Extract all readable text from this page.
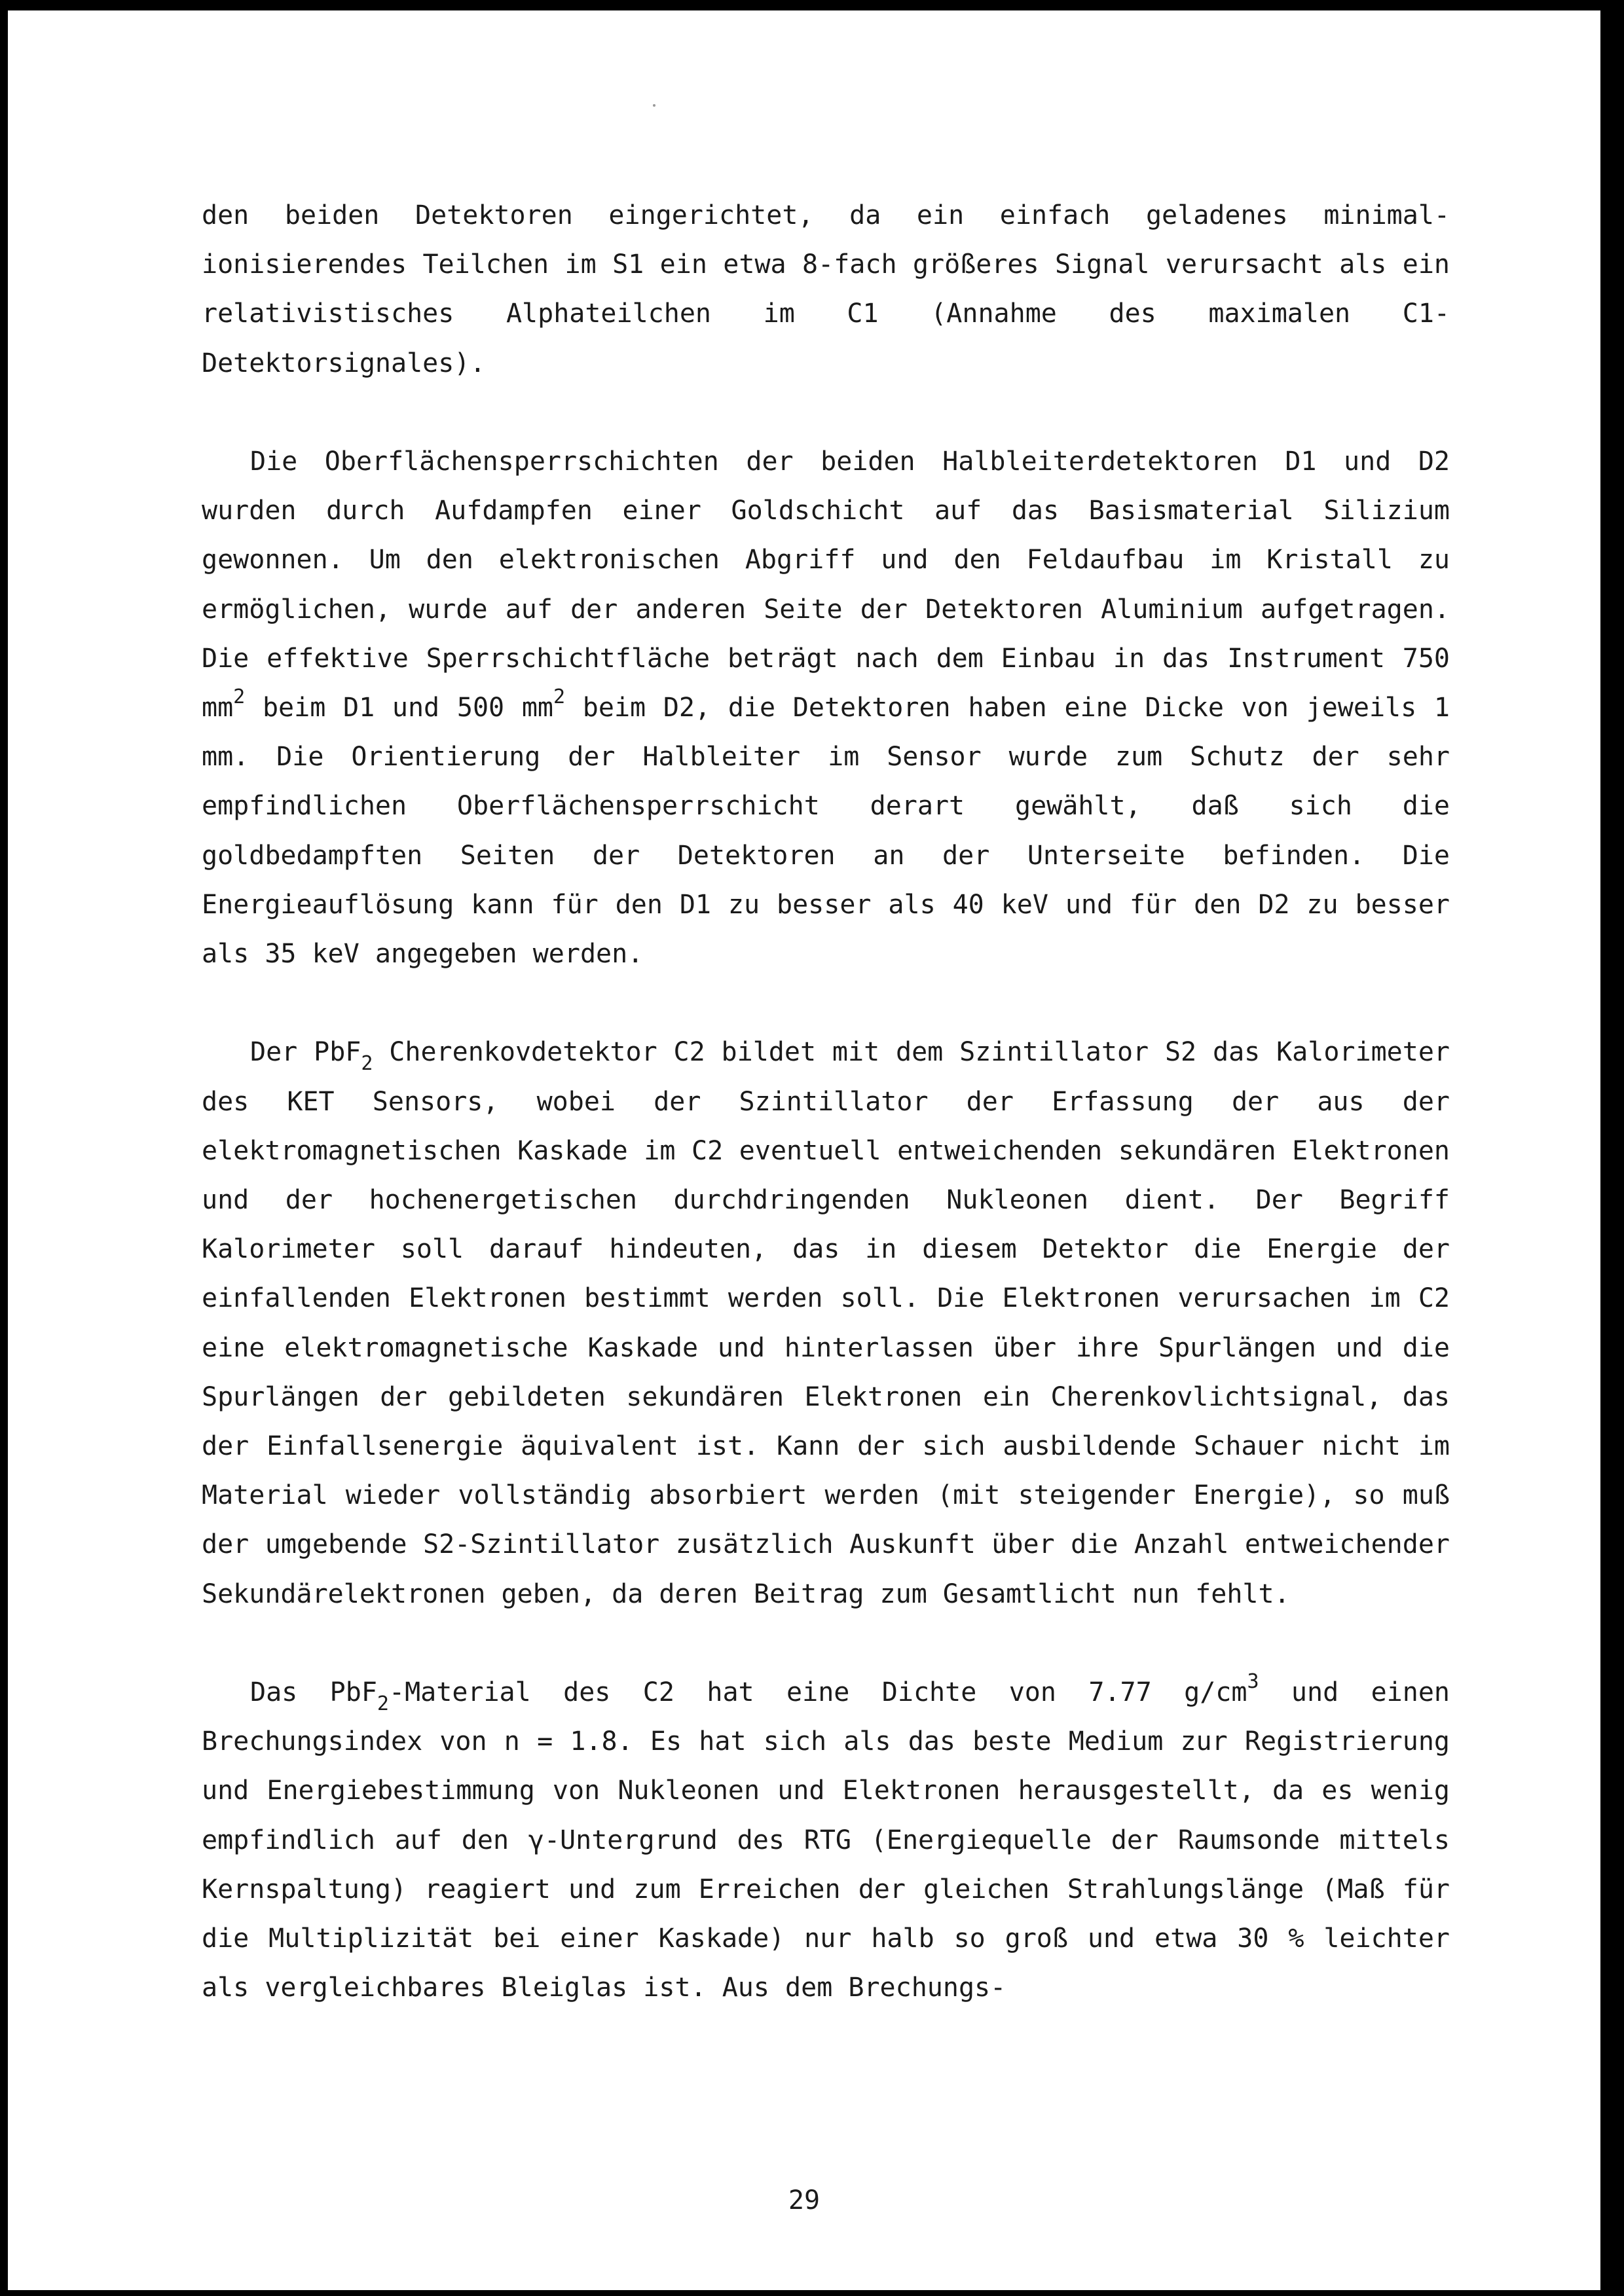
den beiden Detektoren eingerichtet, da ein einfach geladenes minimal-ionisierendes Teilchen im S1 ein etwa 8-fach größeres Signal verursacht als ein relativistisches Alphateilchen im C1 (Annahme des maximalen C1-Detektorsignales).

Die Oberflächensperrschichten der beiden Halbleiterdetektoren D1 und D2 wurden durch Aufdampfen einer Goldschicht auf das Basismaterial Silizium gewonnen. Um den elektronischen Abgriff und den Feldaufbau im Kristall zu ermöglichen, wurde auf der anderen Seite der Detektoren Aluminium aufgetragen. Die effektive Sperrschichtfläche beträgt nach dem Einbau in das Instrument 750 $mm^2$ beim D1 und 500 $mm^2$ beim D2, die Detektoren haben eine Dicke von jeweils 1 mm. Die Orientierung der Halbleiter im Sensor wurde zum Schutz der sehr empfindlichen Oberflächensperrschicht derart gewählt, daß sich die goldbedampften Seiten der Detektoren an der Unterseite befinden. Die Energieauflösung kann für den D1 zu besser als 40 keV und für den D2 zu besser als 35 keV angegeben werden.

Der PbF$_2$ Cherenkovdetektor C2 bildet mit dem Szintillator S2 das Kalorimeter des KET Sensors, wobei der Szintillator der Erfassung der aus der elektromagnetischen Kaskade im C2 eventuell entweichenden sekundären Elektronen und der hochenergetischen durchdringenden Nukleonen dient. Der Begriff Kalorimeter soll darauf hindeuten, das in diesem Detektor die Energie der einfallenden Elektronen bestimmt werden soll. Die Elektronen verursachen im C2 eine elektromagnetische Kaskade und hinterlassen über ihre Spurlängen und die Spurlängen der gebildeten sekundären Elektronen ein Cherenkovlichtsignal, das der Einfallsenergie äquivalent ist. Kann der sich ausbildende Schauer nicht im Material wieder vollständig absorbiert werden (mit steigender Energie), so muß der umgebende S2-Szintillator zusätzlich Auskunft über die Anzahl entweichender Sekundärelektronen geben, da deren Beitrag zum Gesamtlicht nun fehlt.

Das PbF$_2$-Material des C2 hat eine Dichte von 7.77 $g/cm^3$ und einen Brechungsindex von n = 1.8. Es hat sich als das beste Medium zur Registrierung und Energiebestimmung von Nukleonen und Elektronen herausgestellt, da es wenig empfindlich auf den γ-Untergrund des RTG (Energiequelle der Raumsonde mittels Kernspaltung) reagiert und zum Erreichen der gleichen Strahlungslänge (Maß für die Multiplizität bei einer Kaskade) nur halb so groß und etwa 30 % leichter als vergleichbares Bleiglas ist. Aus dem Brechungs-

29
